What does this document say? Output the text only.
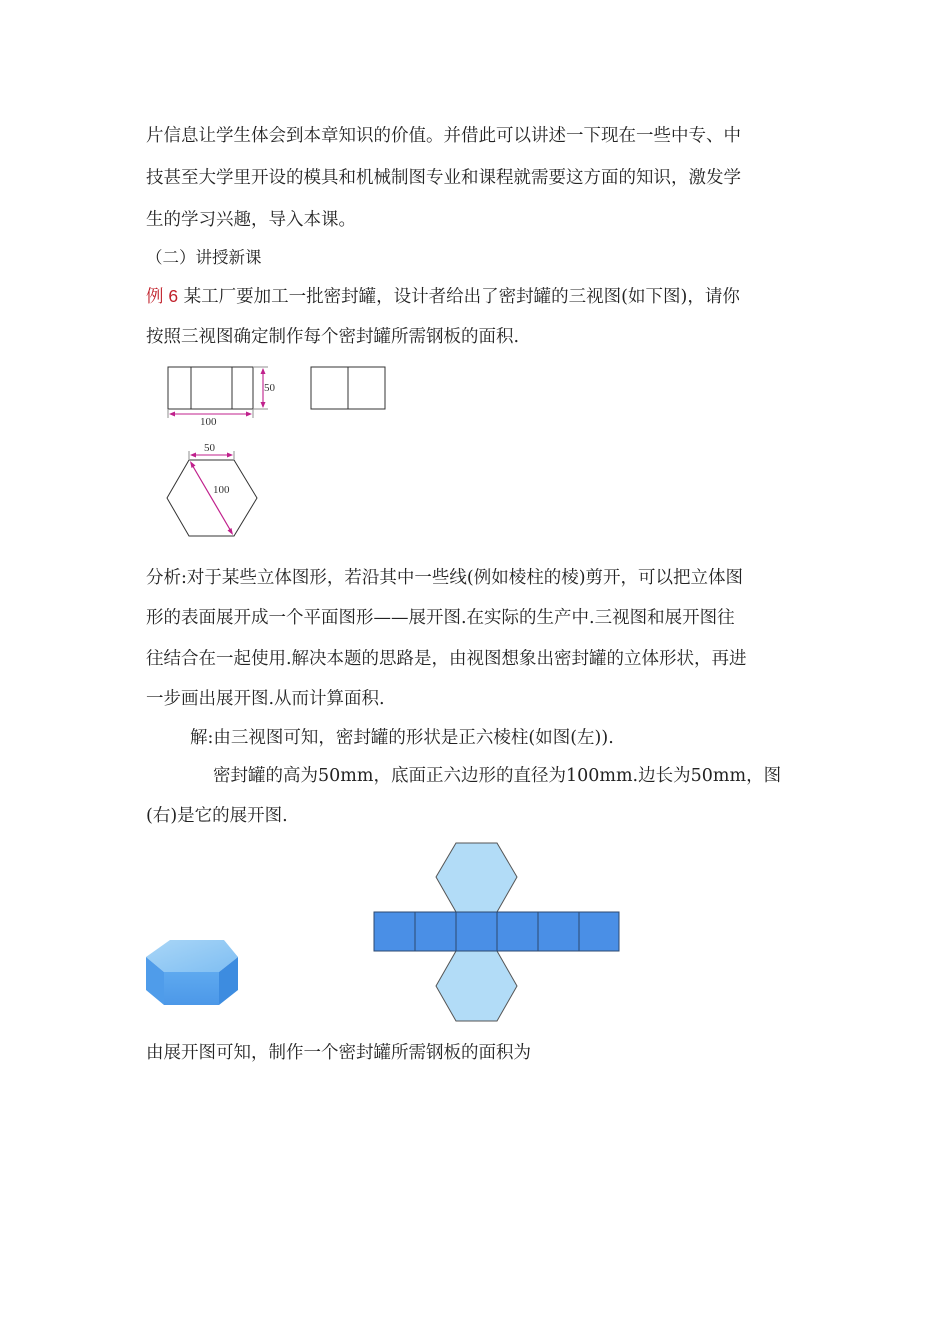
片信息让学生体会到本章知识的价值。并借此可以讲述一下现在一些中专、中
技甚至大学里开设的模具和机械制图专业和课程就需要这方面的知识，激发学
生的学习兴趣，导入本课。
（二）讲授新课
例 6 某工厂要加工一批密封罐，设计者给出了密封罐的三视图(如下图)，请你
按照三视图确定制作每个密封罐所需钢板的面积.
50
100
50
100
分析:对于某些立体图形，若沿其中一些线(例如棱柱的棱)剪开，可以把立体图
形的表面展开成一个平面图形——展开图.在实际的生产中.三视图和展开图往
往结合在一起使用.解决本题的思路是，由视图想象出密封罐的立体形状，再进
一步画出展开图.从而计算面积.
解:由三视图可知，密封罐的形状是正六棱柱(如图(左)).
密封罐的高为50mm，底面正六边形的直径为100mm.边长为50mm，图
(右)是它的展开图.
由展开图可知，制作一个密封罐所需钢板的面积为
